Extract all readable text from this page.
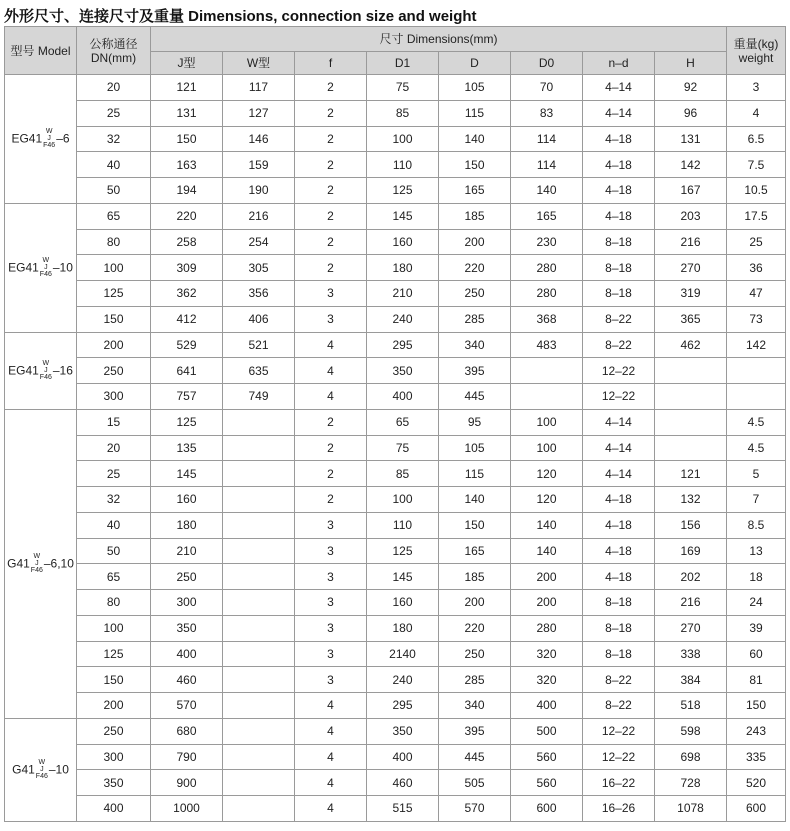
外形尺寸、连接尺寸及重量 Dimensions, connection size and weight
型号 Model	公称通径
DN(mm)	尺寸 Dimensions(mm)								重量(kg)
weight
		J型	W型	f	D1	D	D0	n–d	H	
EG41 W
J
F46 –6	20	121	117	2	75	105	70	4–14	92	3
	25	131	127	2	85	115	83	4–14	96	4
	32	150	146	2	100	140	114	4–18	131	6.5
	40	163	159	2	110	150	114	4–18	142	7.5
	50	194	190	2	125	165	140	4–18	167	10.5
EG41 W
J
F46 –10	65	220	216	2	145	185	165	4–18	203	17.5
	80	258	254	2	160	200	230	8–18	216	25
	100	309	305	2	180	220	280	8–18	270	36
	125	362	356	3	210	250	280	8–18	319	47
	150	412	406	3	240	285	368	8–22	365	73
EG41 W
J
F46 –16	200	529	521	4	295	340	483	8–22	462	142
	250	641	635	4	350	395		12–22		
	300	757	749	4	400	445		12–22		
G41 W
J
F46 –6,10	15	125		2	65	95	100	4–14		4.5
	20	135		2	75	105	100	4–14		4.5
	25	145		2	85	115	120	4–14	121	5
	32	160		2	100	140	120	4–18	132	7
	40	180		3	110	150	140	4–18	156	8.5
	50	210		3	125	165	140	4–18	169	13
	65	250		3	145	185	200	4–18	202	18
	80	300		3	160	200	200	8–18	216	24
	100	350		3	180	220	280	8–18	270	39
	125	400		3	2140	250	320	8–18	338	60
	150	460		3	240	285	320	8–22	384	81
	200	570		4	295	340	400	8–22	518	150
G41 W
J
F46 –10	250	680		4	350	395	500	12–22	598	243
	300	790		4	400	445	560	12–22	698	335
	350	900		4	460	505	560	16–22	728	520
	400	1000		4	515	570	600	16–26	1078	600
